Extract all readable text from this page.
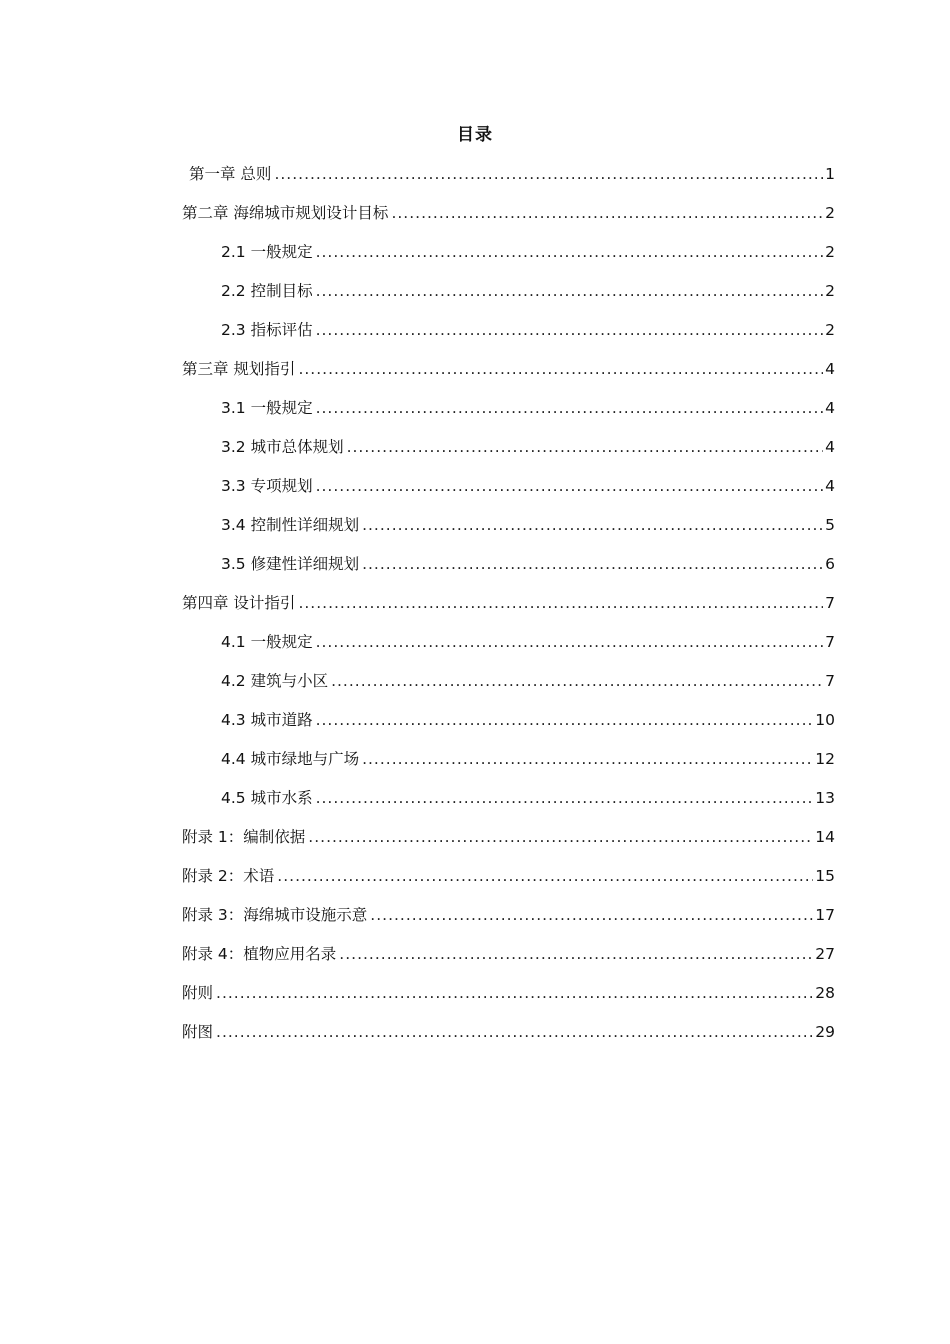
目录
第一章 总则 .....	1
第二章 海绵城市规划设计目标 .....	2
2.1 一般规定 .....	2
2.2 控制目标 .....	2
2.3 指标评估 .....	2
第三章 规划指引 .....	4
3.1 一般规定 .....	4
3.2 城市总体规划 .....	4
3.3 专项规划 .....	4
3.4 控制性详细规划 .....	5
3.5 修建性详细规划 .....	6
第四章 设计指引 .....	7
4.1 一般规定 .....	7
4.2 建筑与小区 .....	7
4.3 城市道路 .....	10
4.4 城市绿地与广场 .....	12
4.5 城市水系 .....	13
附录 1：编制依据 .....	14
附录 2：术语 .....	15
附录 3：海绵城市设施示意 .....	17
附录 4：植物应用名录 .....	27
附则 .....	28
附图 .....	29
